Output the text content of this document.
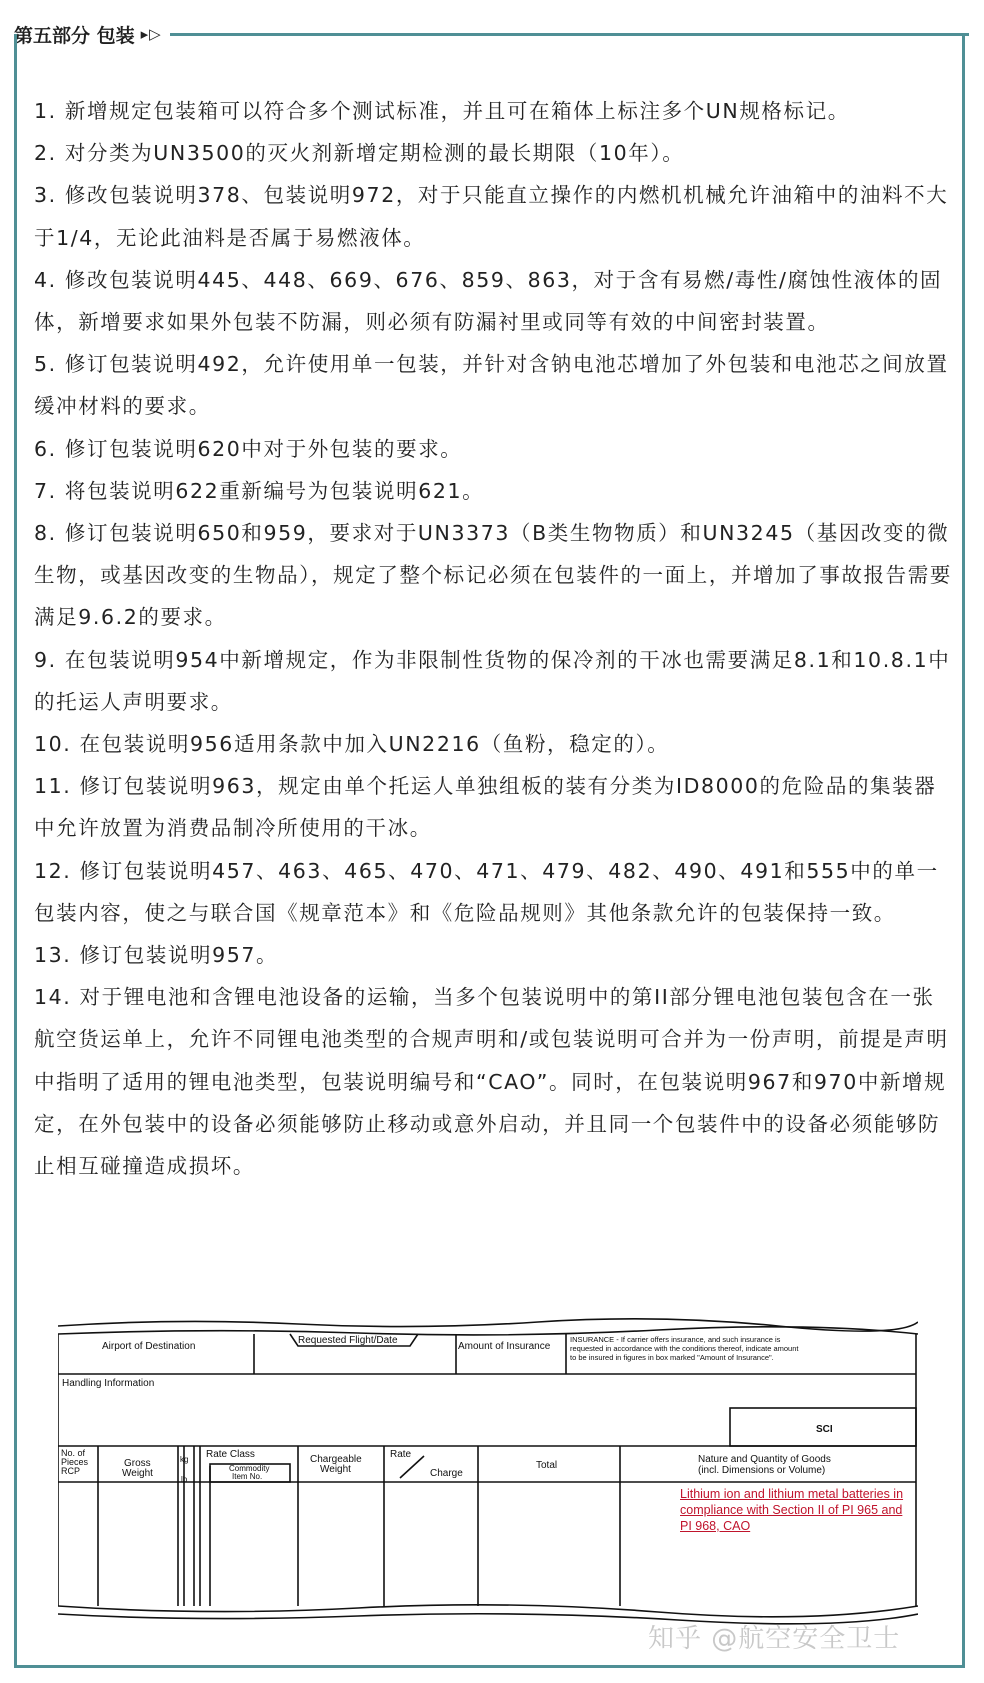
第五部分 包装 ▸▷

1. 新增规定包装箱可以符合多个测试标准，并且可在箱体上标注多个UN规格标记。

2. 对分类为UN3500的灭火剂新增定期检测的最长期限（10年）。

3. 修改包装说明378、包装说明972，对于只能直立操作的内燃机机械允许油箱中的油料不大于1/4，无论此油料是否属于易燃液体。

4. 修改包装说明445、448、669、676、859、863，对于含有易燃/毒性/腐蚀性液体的固体，新增要求如果外包装不防漏，则必须有防漏衬里或同等有效的中间密封装置。

5. 修订包装说明492，允许使用单一包装，并针对含钠电池芯增加了外包装和电池芯之间放置缓冲材料的要求。

6. 修订包装说明620中对于外包装的要求。

7. 将包装说明622重新编号为包装说明621。

8. 修订包装说明650和959，要求对于UN3373（B类生物物质）和UN3245（基因改变的微生物，或基因改变的生物品），规定了整个标记必须在包装件的一面上，并增加了事故报告需要满足9.6.2的要求。

9. 在包装说明954中新增规定，作为非限制性货物的保冷剂的干冰也需要满足8.1和10.8.1中的托运人声明要求。

10. 在包装说明956适用条款中加入UN2216（鱼粉，稳定的）。

11. 修订包装说明963，规定由单个托运人单独组板的装有分类为ID8000的危险品的集装器中允许放置为消费品制冷所使用的干冰。

12. 修订包装说明457、463、465、470、471、479、482、490、491和555中的单一包装内容，使之与联合国《规章范本》和《危险品规则》其他条款允许的包装保持一致。

13. 修订包装说明957。

14. 对于锂电池和含锂电池设备的运输，当多个包装说明中的第II部分锂电池包装包含在一张航空货运单上，允许不同锂电池类型的合规声明和/或包装说明可合并为一份声明，前提是声明中指明了适用的锂电池类型，包装说明编号和“CAO”。同时，在包装说明967和970中新增规定，在外包装中的设备必须能够防止移动或意外启动，并且同一个包装件中的设备必须能够防止相互碰撞造成损坏。

Airport of Destination
Requested Flight/Date
Amount of Insurance
INSURANCE - If carrier offers insurance, and such insurance is
requested in accordance with the conditions thereof, indicate amount
to be insured in figures in box marked "Amount of Insurance".
Handling Information
SCI
No. of
Pieces
RCP
Gross
Weight
kg
lb
Rate Class
Commodity
Item No.
Chargeable
Weight
Rate
Charge
Total
Nature and Quantity of Goods
(incl. Dimensions or Volume)
Lithium ion and lithium metal batteries in compliance with Section II of PI 965 and PI 968, CAO
知乎 @航空安全卫士
